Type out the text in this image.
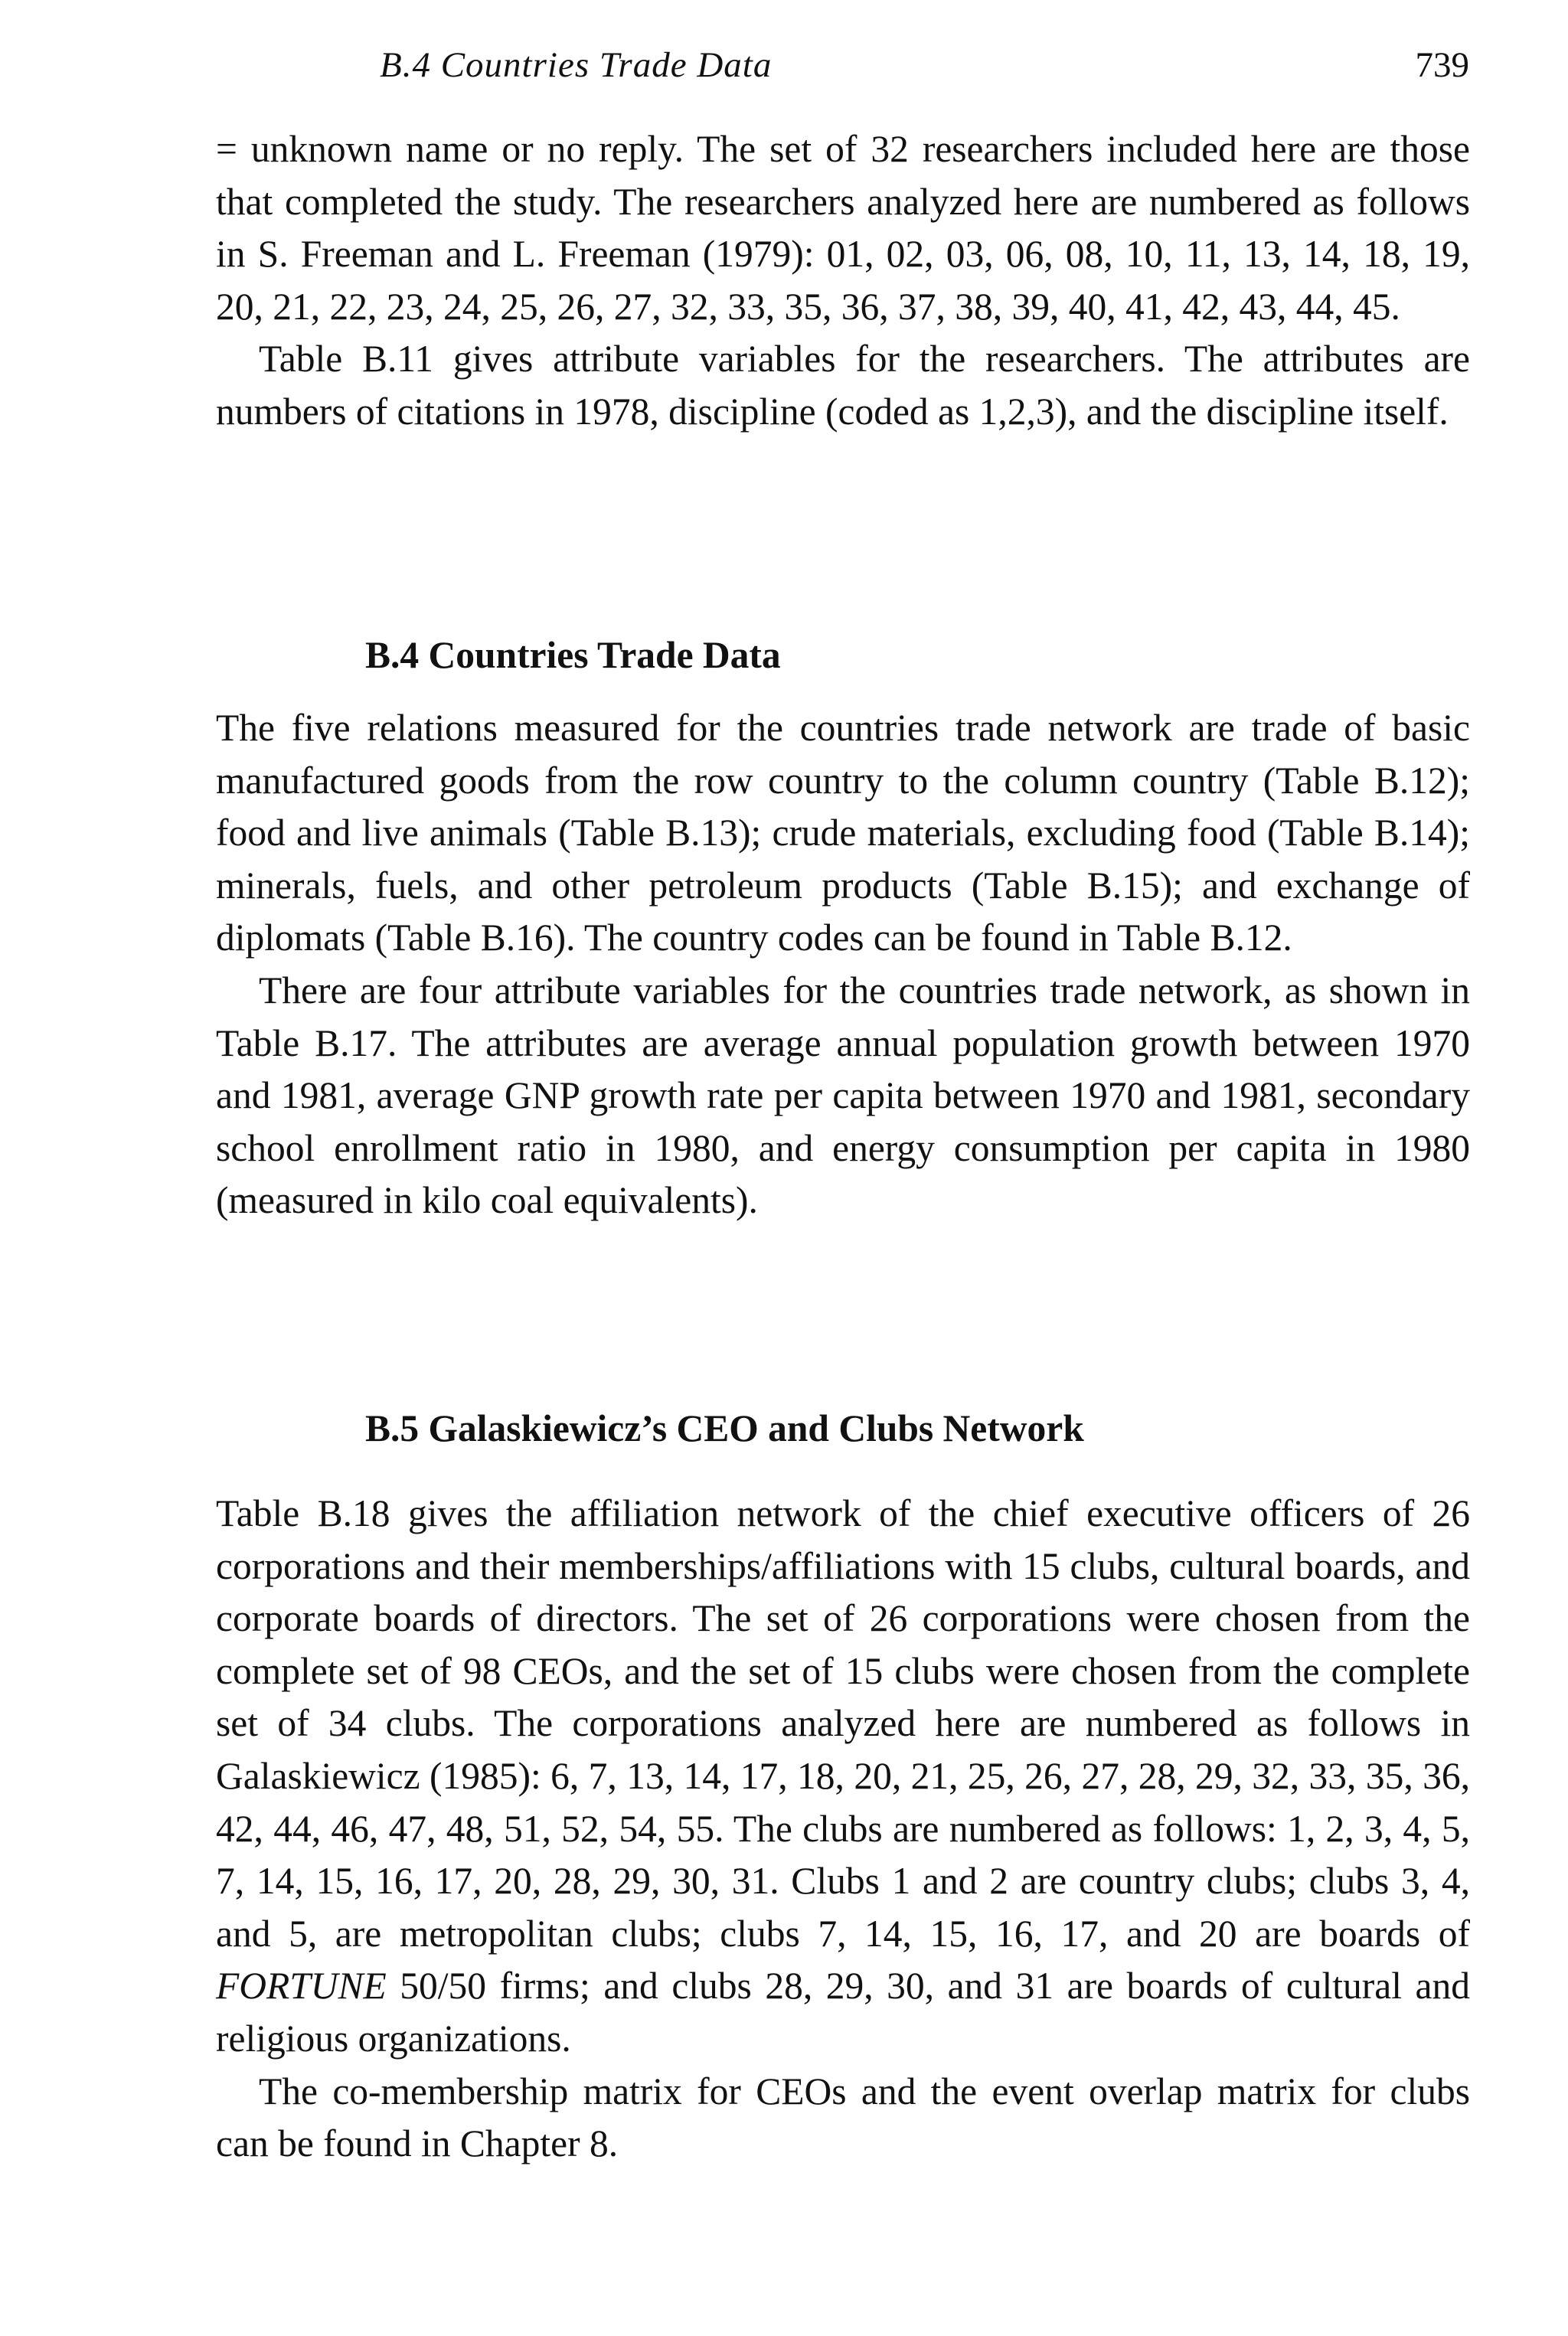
B.4 Countries Trade Data	739

= unknown name or no reply. The set of 32 researchers included here are those that completed the study. The researchers analyzed here are numbered as follows in S. Freeman and L. Freeman (1979): 01, 02, 03, 06, 08, 10, 11, 13, 14, 18, 19, 20, 21, 22, 23, 24, 25, 26, 27, 32, 33, 35, 36, 37, 38, 39, 40, 41, 42, 43, 44, 45.

Table B.11 gives attribute variables for the researchers. The attributes are numbers of citations in 1978, discipline (coded as 1,2,3), and the discipline itself.

B.4 Countries Trade Data

The five relations measured for the countries trade network are trade of basic manufactured goods from the row country to the column country (Table B.12); food and live animals (Table B.13); crude materials, excluding food (Table B.14); minerals, fuels, and other petroleum products (Table B.15); and exchange of diplomats (Table B.16). The country codes can be found in Table B.12.

There are four attribute variables for the countries trade network, as shown in Table B.17. The attributes are average annual population growth between 1970 and 1981, average GNP growth rate per capita between 1970 and 1981, secondary school enrollment ratio in 1980, and energy consumption per capita in 1980 (measured in kilo coal equivalents).

B.5 Galaskiewicz’s CEO and Clubs Network

Table B.18 gives the affiliation network of the chief executive officers of 26 corporations and their memberships/affiliations with 15 clubs, cultural boards, and corporate boards of directors. The set of 26 corporations were chosen from the complete set of 98 CEOs, and the set of 15 clubs were chosen from the complete set of 34 clubs. The corporations analyzed here are numbered as follows in Galaskiewicz (1985): 6, 7, 13, 14, 17, 18, 20, 21, 25, 26, 27, 28, 29, 32, 33, 35, 36, 42, 44, 46, 47, 48, 51, 52, 54, 55. The clubs are numbered as follows: 1, 2, 3, 4, 5, 7, 14, 15, 16, 17, 20, 28, 29, 30, 31. Clubs 1 and 2 are country clubs; clubs 3, 4, and 5, are metropolitan clubs; clubs 7, 14, 15, 16, 17, and 20 are boards of FORTUNE 50/50 firms; and clubs 28, 29, 30, and 31 are boards of cultural and religious organizations.

The co-membership matrix for CEOs and the event overlap matrix for clubs can be found in Chapter 8.
